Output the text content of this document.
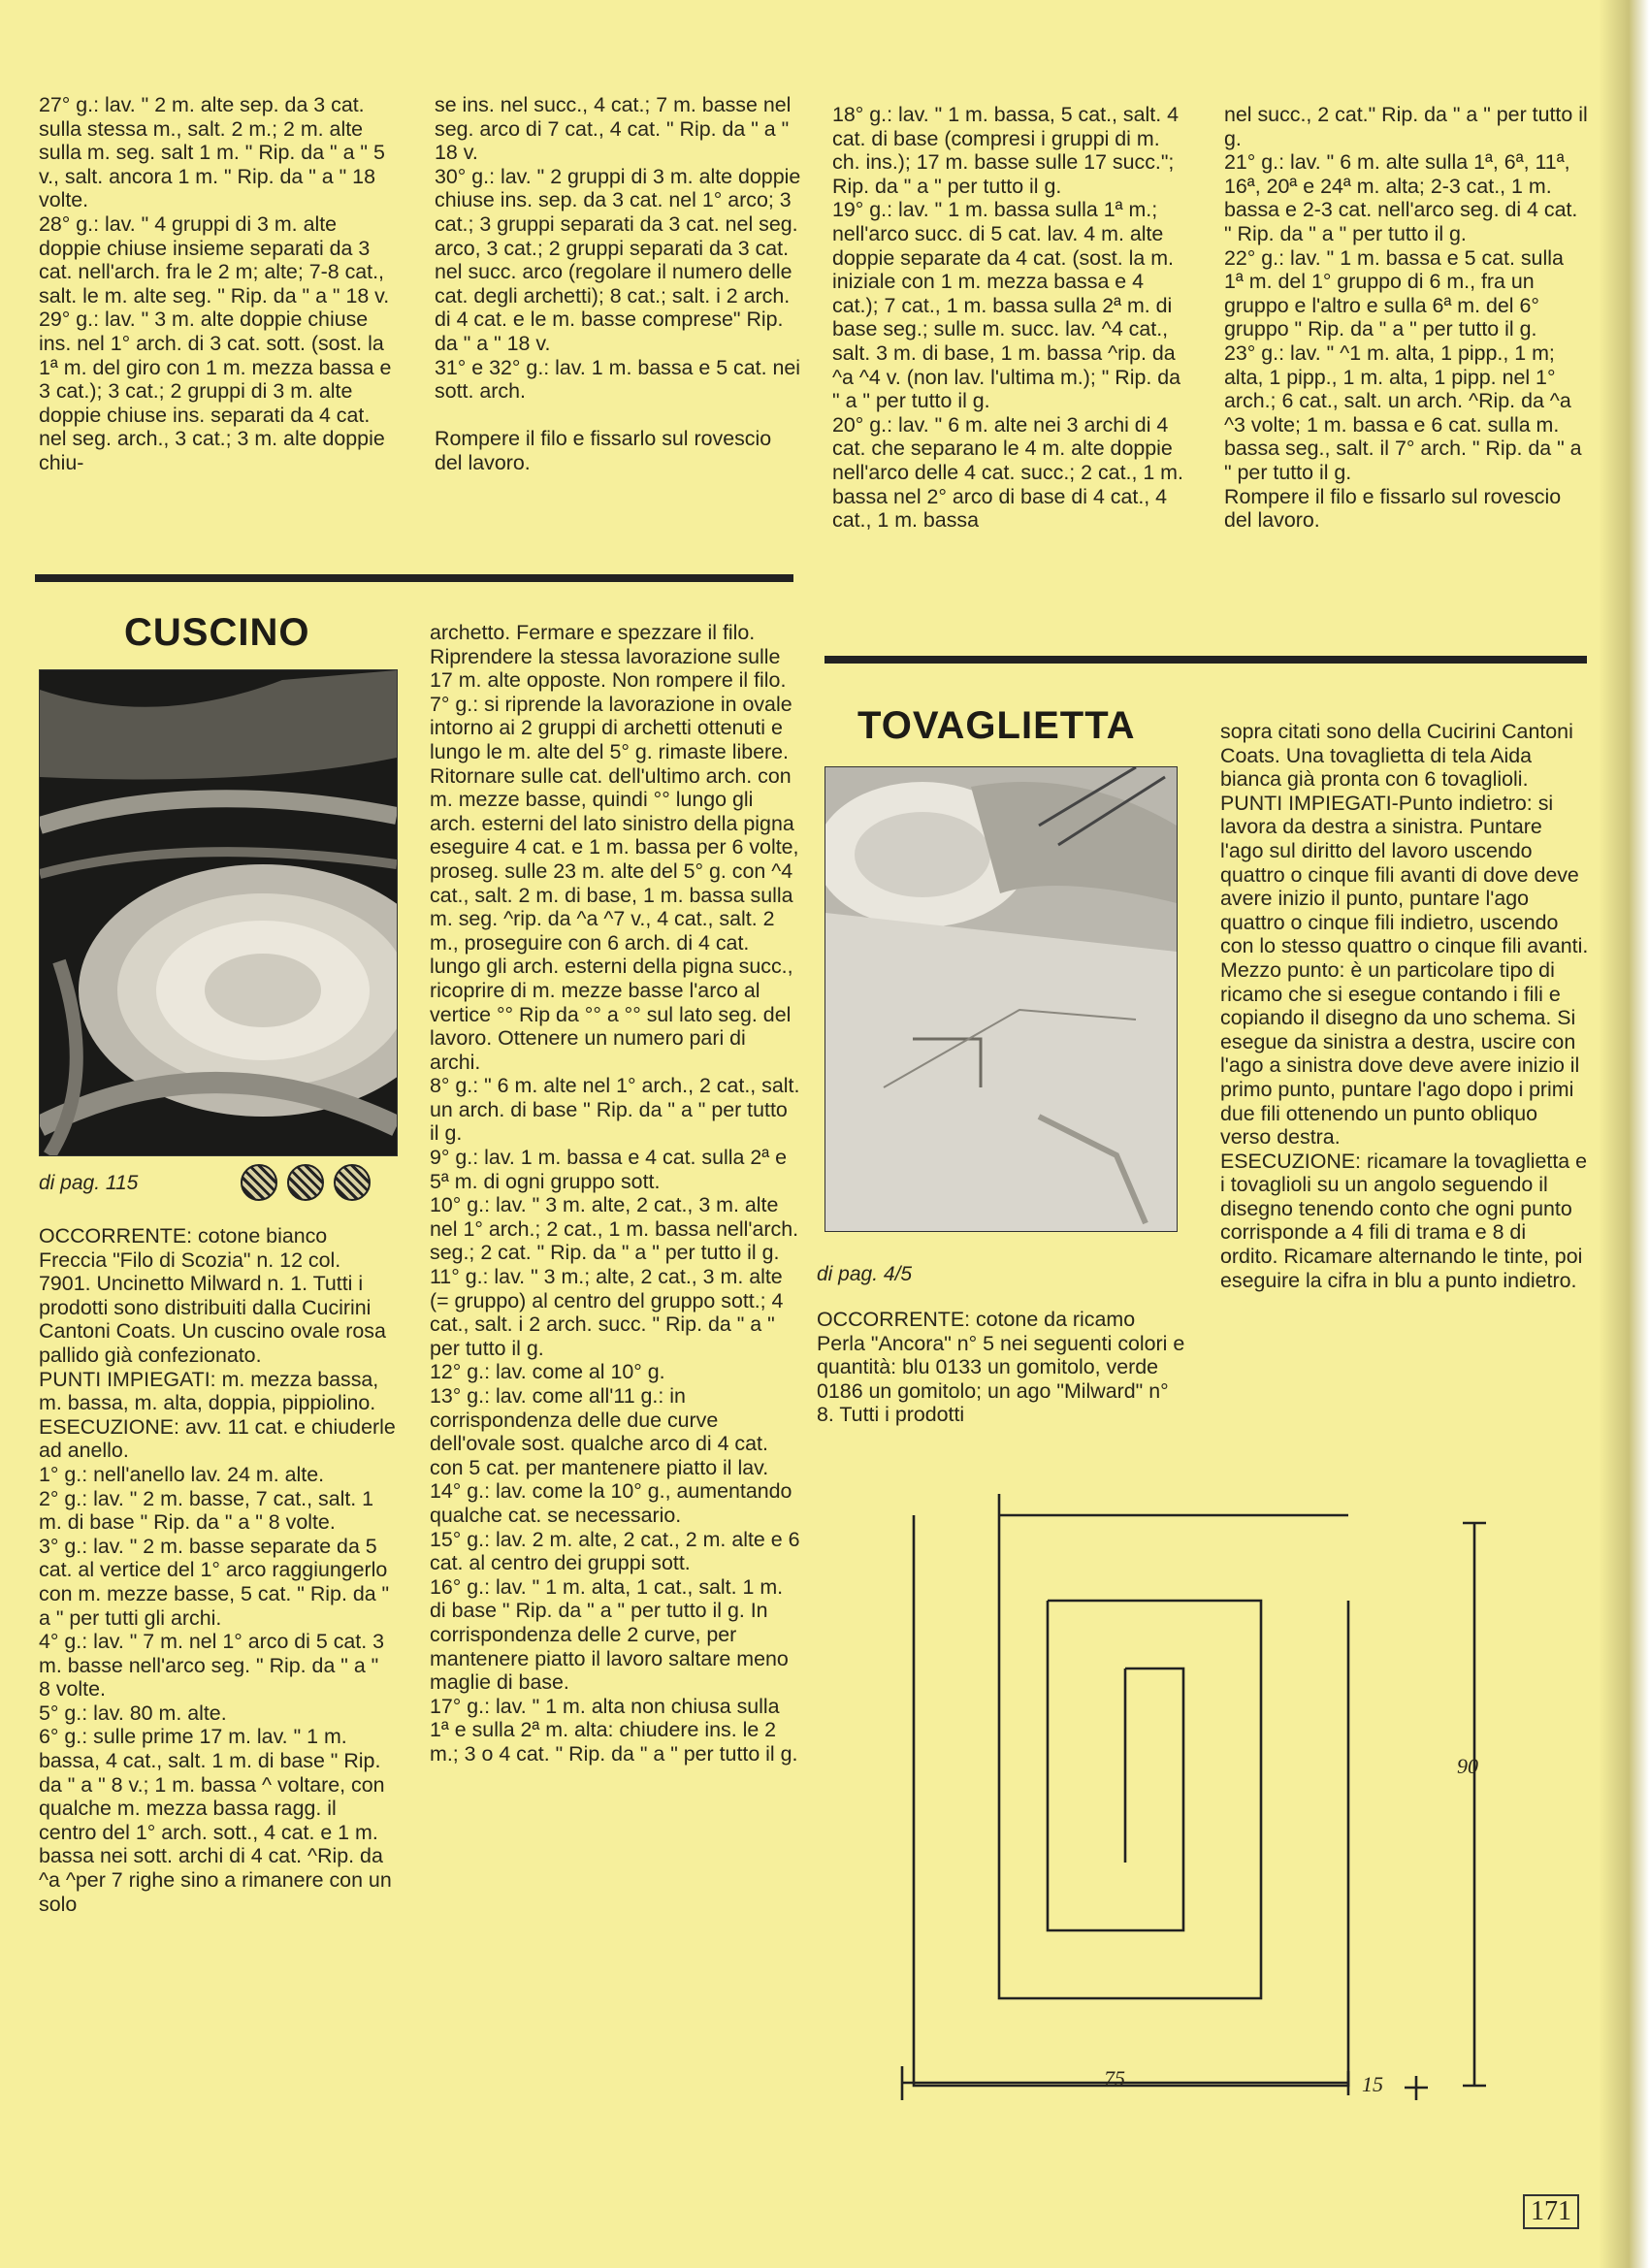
27° g.: lav. " 2 m. alte sep. da 3 cat. sulla stessa m., salt. 2 m.; 2 m. alte sulla m. seg. salt 1 m. " Rip. da " a " 5 v., salt. ancora 1 m. " Rip. da " a " 18 volte.
28° g.: lav. " 4 gruppi di 3 m. alte doppie chiuse insieme separati da 3 cat. nell'arch. fra le 2 m; alte; 7-8 cat., salt. le m. alte seg. " Rip. da " a " 18 v.
29° g.: lav. " 3 m. alte doppie chiuse ins. nel 1° arch. di 3 cat. sott. (sost. la 1ª m. del giro con 1 m. mezza bassa e 3 cat.); 3 cat.; 2 gruppi di 3 m. alte doppie chiuse ins. separati da 4 cat. nel seg. arch., 3 cat.; 3 m. alte doppie chiu-
se ins. nel succ., 4 cat.; 7 m. basse nel seg. arco di 7 cat., 4 cat. " Rip. da " a " 18 v.
30° g.: lav. " 2 gruppi di 3 m. alte doppie chiuse ins. sep. da 3 cat. nel 1° arco; 3 cat.; 3 gruppi separati da 3 cat. nel seg. arco, 3 cat.; 2 gruppi separati da 3 cat. nel succ. arco (regolare il numero delle cat. degli archetti); 8 cat.; salt. i 2 arch. di 4 cat. e le m. basse comprese" Rip. da " a " 18 v.
31° e 32° g.: lav. 1 m. bassa e 5 cat. nei sott. arch.

Rompere il filo e fissarlo sul rovescio del lavoro.
18° g.: lav. " 1 m. bassa, 5 cat., salt. 4 cat. di base (compresi i gruppi di m. ch. ins.); 17 m. basse sulle 17 succ."; Rip. da " a " per tutto il g.
19° g.: lav. " 1 m. bassa sulla 1ª m.; nell'arco succ. di 5 cat. lav. 4 m. alte doppie separate da 4 cat. (sost. la m. iniziale con 1 m. mezza bassa e 4 cat.); 7 cat., 1 m. bassa sulla 2ª m. di base seg.; sulle m. succ. lav. ^4 cat., salt. 3 m. di base, 1 m. bassa ^rip. da ^a ^4 v. (non lav. l'ultima m.); " Rip. da " a " per tutto il g.
20° g.: lav. " 6 m. alte nei 3 archi di 4 cat. che separano le 4 m. alte doppie nell'arco delle 4 cat. succ.; 2 cat., 1 m. bassa nel 2° arco di base di 4 cat., 4 cat., 1 m. bassa
nel succ., 2 cat." Rip. da " a " per tutto il g.
21° g.: lav. " 6 m. alte sulla 1ª, 6ª, 11ª, 16ª, 20ª e 24ª m. alta; 2-3 cat., 1 m. bassa e 2-3 cat. nell'arco seg. di 4 cat. " Rip. da " a " per tutto il g.
22° g.: lav. " 1 m. bassa e 5 cat. sulla 1ª m. del 1° gruppo di 6 m., fra un gruppo e l'altro e sulla 6ª m. del 6° gruppo " Rip. da " a " per tutto il g.
23° g.: lav. " ^1 m. alta, 1 pipp., 1 m; alta, 1 pipp., 1 m. alta, 1 pipp. nel 1° arch.; 6 cat., salt. un arch. ^Rip. da ^a ^3 volte; 1 m. bassa e 6 cat. sulla m. bassa seg., salt. il 7° arch. " Rip. da " a " per tutto il g.
Rompere il filo e fissarlo sul rovescio del lavoro.
CUSCINO
di pag. 115
OCCORRENTE: cotone bianco Freccia "Filo di Scozia" n. 12 col. 7901. Uncinetto Milward n. 1. Tutti i prodotti sono distribuiti dalla Cucirini Cantoni Coats. Un cuscino ovale rosa pallido già confezionato.
PUNTI IMPIEGATI: m. mezza bassa, m. bassa, m. alta, doppia, pippiolino.
ESECUZIONE: avv. 11 cat. e chiuderle ad anello.
1° g.: nell'anello lav. 24 m. alte.
2° g.: lav. " 2 m. basse, 7 cat., salt. 1 m. di base " Rip. da " a " 8 volte.
3° g.: lav. " 2 m. basse separate da 5 cat. al vertice del 1° arco raggiungerlo con m. mezze basse, 5 cat. " Rip. da " a " per tutti gli archi.
4° g.: lav. " 7 m. nel 1° arco di 5 cat. 3 m. basse nell'arco seg. " Rip. da " a " 8 volte.
5° g.: lav. 80 m. alte.
6° g.: sulle prime 17 m. lav. " 1 m. bassa, 4 cat., salt. 1 m. di base " Rip. da " a " 8 v.; 1 m. bassa ^ voltare, con qualche m. mezza bassa ragg. il centro del 1° arch. sott., 4 cat. e 1 m. bassa nei sott. archi di 4 cat. ^Rip. da ^a ^per 7 righe sino a rimanere con un solo
archetto. Fermare e spezzare il filo.
Riprendere la stessa lavorazione sulle 17 m. alte opposte. Non rompere il filo.
7° g.: si riprende la lavorazione in ovale intorno ai 2 gruppi di archetti ottenuti e lungo le m. alte del 5° g. rimaste libere. Ritornare sulle cat. dell'ultimo arch. con m. mezze basse, quindi °° lungo gli arch. esterni del lato sinistro della pigna eseguire 4 cat. e 1 m. bassa per 6 volte, proseg. sulle 23 m. alte del 5° g. con ^4 cat., salt. 2 m. di base, 1 m. bassa sulla m. seg. ^rip. da ^a ^7 v., 4 cat., salt. 2 m., proseguire con 6 arch. di 4 cat. lungo gli arch. esterni della pigna succ., ricoprire di m. mezze basse l'arco al vertice °° Rip da °° a °° sul lato seg. del lavoro. Ottenere un numero pari di archi.
8° g.: " 6 m. alte nel 1° arch., 2 cat., salt. un arch. di base " Rip. da " a " per tutto il g.
9° g.: lav. 1 m. bassa e 4 cat. sulla 2ª e 5ª m. di ogni gruppo sott.
10° g.: lav. " 3 m. alte, 2 cat., 3 m. alte nel 1° arch.; 2 cat., 1 m. bassa nell'arch. seg.; 2 cat. " Rip. da " a " per tutto il g.
11° g.: lav. " 3 m.; alte, 2 cat., 3 m. alte (= gruppo) al centro del gruppo sott.; 4 cat., salt. i 2 arch. succ. " Rip. da " a " per tutto il g.
12° g.: lav. come al 10° g.
13° g.: lav. come all'11 g.: in corrispondenza delle due curve dell'ovale sost. qualche arco di 4 cat. con 5 cat. per mantenere piatto il lav.
14° g.: lav. come la 10° g., aumentando qualche cat. se necessario.
15° g.: lav. 2 m. alte, 2 cat., 2 m. alte e 6 cat. al centro dei gruppi sott.
16° g.: lav. " 1 m. alta, 1 cat., salt. 1 m. di base " Rip. da " a " per tutto il g. In corrispondenza delle 2 curve, per mantenere piatto il lavoro saltare meno maglie di base.
17° g.: lav. " 1 m. alta non chiusa sulla 1ª e sulla 2ª m. alta: chiudere ins. le 2 m.; 3 o 4 cat. " Rip. da " a " per tutto il g.
TOVAGLIETTA
di pag. 4/5
OCCORRENTE: cotone da ricamo Perla "Ancora" n° 5 nei seguenti colori e quantità: blu 0133 un gomitolo, verde 0186 un gomitolo; un ago "Milward" n° 8. Tutti i prodotti
sopra citati sono della Cucirini Cantoni Coats. Una tovaglietta di tela Aida bianca già pronta con 6 tovaglioli.
PUNTI IMPIEGATI-Punto indietro: si lavora da destra a sinistra. Puntare l'ago sul diritto del lavoro uscendo quattro o cinque fili avanti di dove deve avere inizio il punto, puntare l'ago quattro o cinque fili indietro, uscendo con lo stesso quattro o cinque fili avanti.
Mezzo punto: è un particolare tipo di ricamo che si esegue contando i fili e copiando il disegno da uno schema. Si esegue da sinistra a destra, uscire con l'ago a sinistra dove deve avere inizio il primo punto, puntare l'ago dopo i primi due fili ottenendo un punto obliquo verso destra.
ESECUZIONE: ricamare la tovaglietta e i tovaglioli su un angolo seguendo il disegno tenendo conto che ogni punto corrisponde a 4 fili di trama e 8 di ordito. Ricamare alternando le tinte, poi eseguire la cifra in blu a punto indietro.
90
75	15
171
